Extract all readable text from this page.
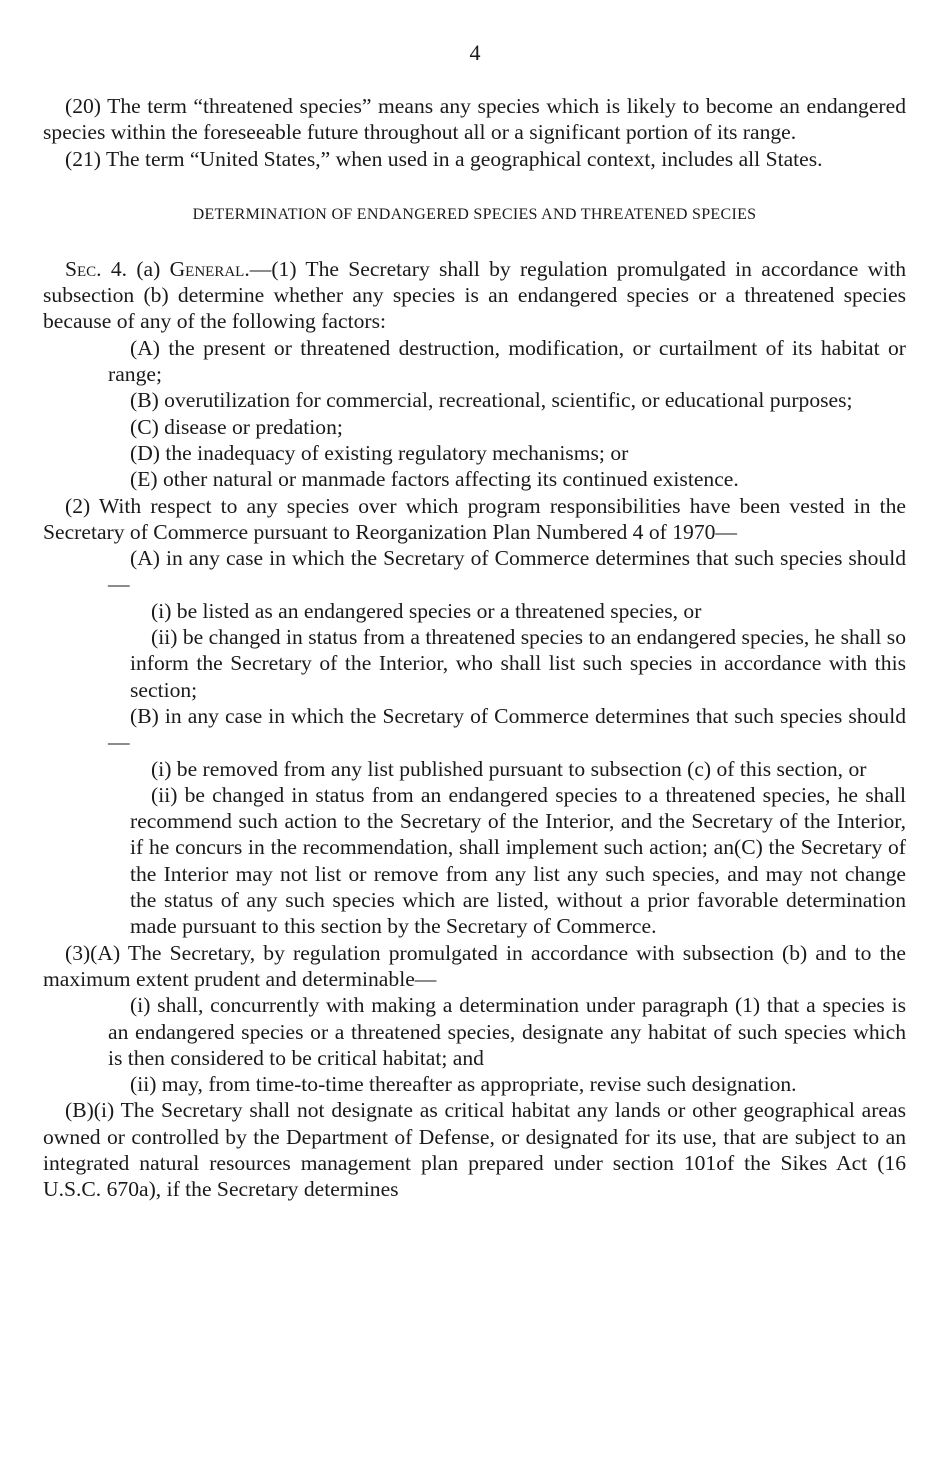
4

(20) The term “threatened species” means any species which is likely to become an endangered species within the foreseeable future throughout all or a significant portion of its range.

(21) The term “United States,” when used in a geographical context, includes all States.

DETERMINATION OF ENDANGERED SPECIES AND THREATENED SPECIES

Sec. 4. (a) General.—(1) The Secretary shall by regulation promulgated in accordance with subsection (b) determine whether any species is an endangered species or a threatened species because of any of the following factors:

(A) the present or threatened destruction, modification, or curtailment of its habitat or range;

(B) overutilization for commercial, recreational, scientific, or educational purposes;

(C) disease or predation;

(D) the inadequacy of existing regulatory mechanisms; or

(E) other natural or manmade factors affecting its continued existence.

(2) With respect to any species over which program responsibilities have been vested in the Secretary of Commerce pursuant to Reorganization Plan Numbered 4 of 1970—

(A) in any case in which the Secretary of Commerce determines that such species should—

(i) be listed as an endangered species or a threatened species, or

(ii) be changed in status from a threatened species to an endangered species, he shall so inform the Secretary of the Interior, who shall list such species in accordance with this section;

(B) in any case in which the Secretary of Commerce determines that such species should—

(i) be removed from any list published pursuant to subsection (c) of this section, or

(ii) be changed in status from an endangered species to a threatened species, he shall recommend such action to the Secretary of the Interior, and the Secretary of the Interior, if he concurs in the recommendation, shall implement such action; an(C) the Secretary of the Interior may not list or remove from any list any such species, and may not change the status of any such species which are listed, without a prior favorable determination made pursuant to this section by the Secretary of Commerce.

(3)(A) The Secretary, by regulation promulgated in accordance with subsection (b) and to the maximum extent prudent and determinable—

(i) shall, concurrently with making a determination under paragraph (1) that a species is an endangered species or a threatened species, designate any habitat of such species which is then considered to be critical habitat; and

(ii) may, from time-to-time thereafter as appropriate, revise such designation.

(B)(i) The Secretary shall not designate as critical habitat any lands or other geographical areas owned or controlled by the Department of Defense, or designated for its use, that are subject to an integrated natural resources management plan prepared under section 101of the Sikes Act (16 U.S.C. 670a), if the Secretary determines
